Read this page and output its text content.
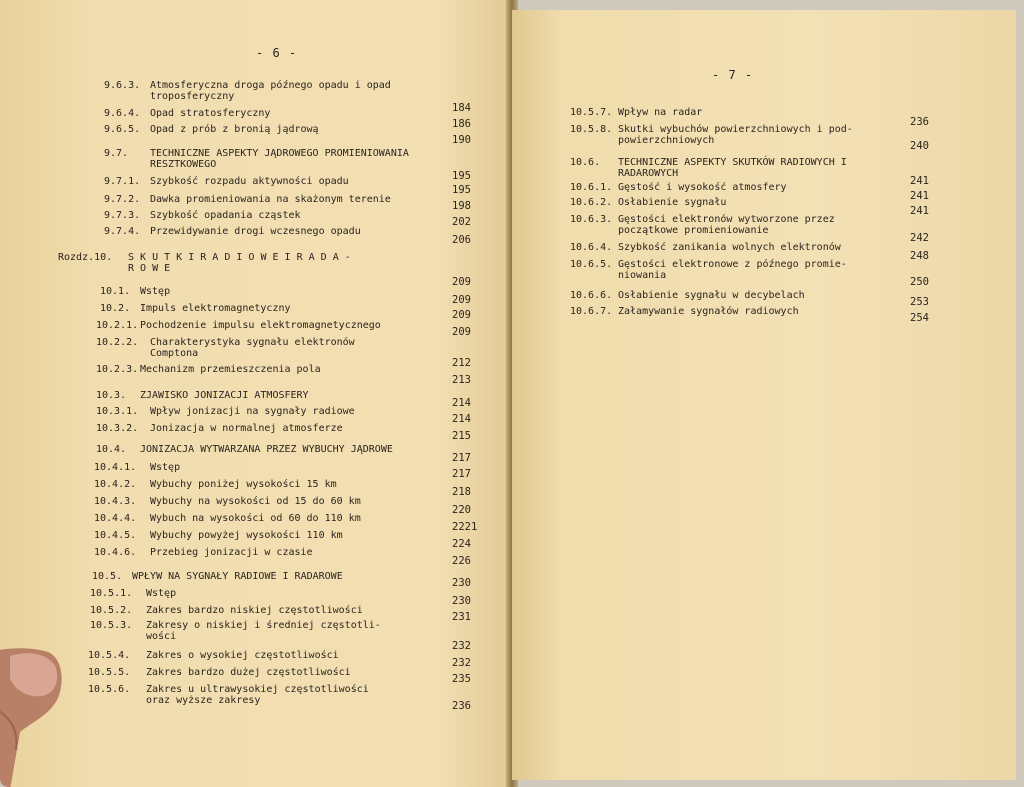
- 6 -
9.6.3. Atmosferyczna droga późnego opadu i opad
troposferyczny
184
9.6.4. Opad stratosferyczny
186
9.6.5. Opad z prób z bronią jądrową
190
9.7. TECHNICZNE ASPEKTY JĄDROWEGO PROMIENIOWANIA
RESZTKOWEGO
195
9.7.1. Szybkość rozpadu aktywności opadu
195
9.7.2. Dawka promieniowania na skażonym terenie
198
9.7.3. Szybkość opadania cząstek
202
9.7.4. Przewidywanie drogi wczesnego opadu
206
Rozdz.10. S K U T K I R A D I O W E I R A D A -
R O W E
209
10.1. Wstęp
209
10.2. Impuls elektromagnetyczny
209
10.2.1. Pochodzenie impulsu elektromagnetycznego
209
10.2.2. Charakterystyka sygnału elektronów
Comptona
212
10.2.3. Mechanizm przemieszczenia pola
213
10.3. ZJAWISKO JONIZACJI ATMOSFERY
214
10.3.1. Wpływ jonizacji na sygnały radiowe
214
10.3.2. Jonizacja w normalnej atmosferze
215
10.4. JONIZACJA WYTWARZANA PRZEZ WYBUCHY JĄDROWE
217
10.4.1. Wstęp
217
10.4.2. Wybuchy poniżej wysokości 15 km
218
10.4.3. Wybuchy na wysokości od 15 do 60 km
220
10.4.4. Wybuch na wysokości od 60 do 110 km
2221
10.4.5. Wybuchy powyżej wysokości 110 km
224
10.4.6. Przebieg jonizacji w czasie
226
10.5. WPŁYW NA SYGNAŁY RADIOWE I RADAROWE
230
10.5.1. Wstęp
230
10.5.2. Zakres bardzo niskiej częstotliwości
231
10.5.3. Zakresy o niskiej i średniej częstotli-
wości
232
10.5.4. Zakres o wysokiej częstotliwości
232
10.5.5. Zakres bardzo dużej częstotliwości
235
10.5.6. Zakres u ultrawysokiej częstotliwości
oraz wyższe zakresy	236
- 7 -
10.5.7. Wpływ na radar
236
10.5.8. Skutki wybuchów powierzchniowych i pod-
powierzchniowych	240
10.6. TECHNICZNE ASPEKTY SKUTKÓW RADIOWYCH I
RADAROWYCH
241
10.6.1. Gęstość i wysokość atmosfery
241
10.6.2. Osłabienie sygnału
241
10.6.3. Gęstości elektronów wytworzone przez
początkowe promieniowanie
242
10.6.4. Szybkość zanikania wolnych elektronów
248
10.6.5. Gęstości elektronowe z późnego promie-
niowania
250
10.6.6. Osłabienie sygnału w decybelach
253
10.6.7. Załamywanie sygnałów radiowych
254
